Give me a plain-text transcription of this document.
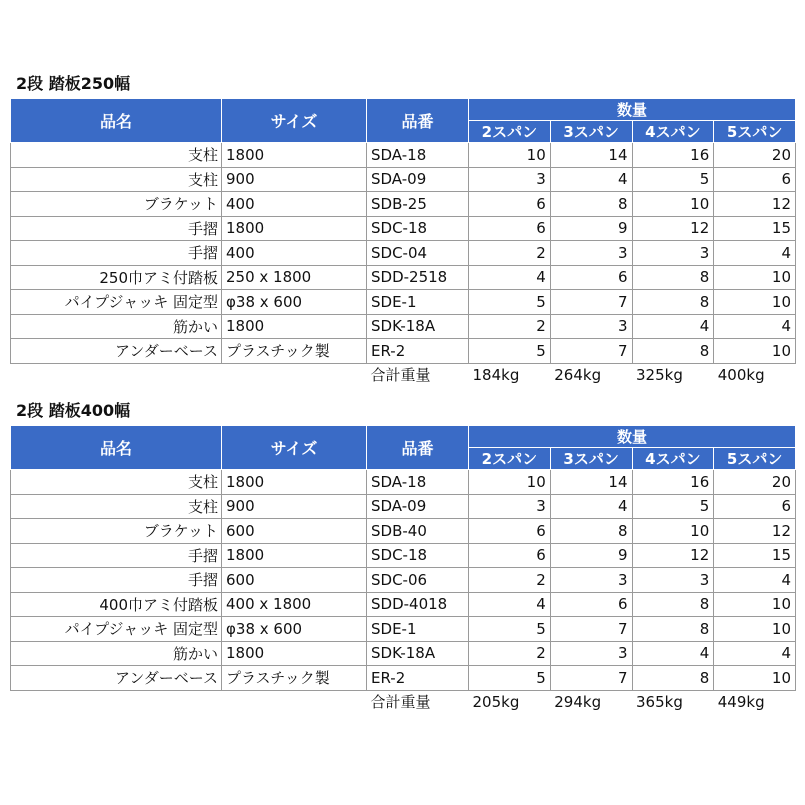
2段 踏板250幅
品名	サイズ	品番	数量			
			2スパン	3スパン	4スパン	5スパン
支柱	1800	SDA-18	10	14	16	20
支柱	900	SDA-09	3	4	5	6
ブラケット	400	SDB-25	6	8	10	12
手摺	1800	SDC-18	6	9	12	15
手摺	400	SDC-04	2	3	3	4
250巾アミ付踏板	250 x 1800	SDD-2518	4	6	8	10
パイプジャッキ 固定型	φ38 x 600	SDE-1	5	7	8	10
筋かい	1800	SDK-18A	2	3	4	4
アンダーベース	プラスチック製	ER-2	5	7	8	10
		合計重量	184kg	264kg	325kg	400kg
2段 踏板400幅
品名	サイズ	品番	数量			
			2スパン	3スパン	4スパン	5スパン
支柱	1800	SDA-18	10	14	16	20
支柱	900	SDA-09	3	4	5	6
ブラケット	600	SDB-40	6	8	10	12
手摺	1800	SDC-18	6	9	12	15
手摺	600	SDC-06	2	3	3	4
400巾アミ付踏板	400 x 1800	SDD-4018	4	6	8	10
パイプジャッキ 固定型	φ38 x 600	SDE-1	5	7	8	10
筋かい	1800	SDK-18A	2	3	4	4
アンダーベース	プラスチック製	ER-2	5	7	8	10
		合計重量	205kg	294kg	365kg	449kg
